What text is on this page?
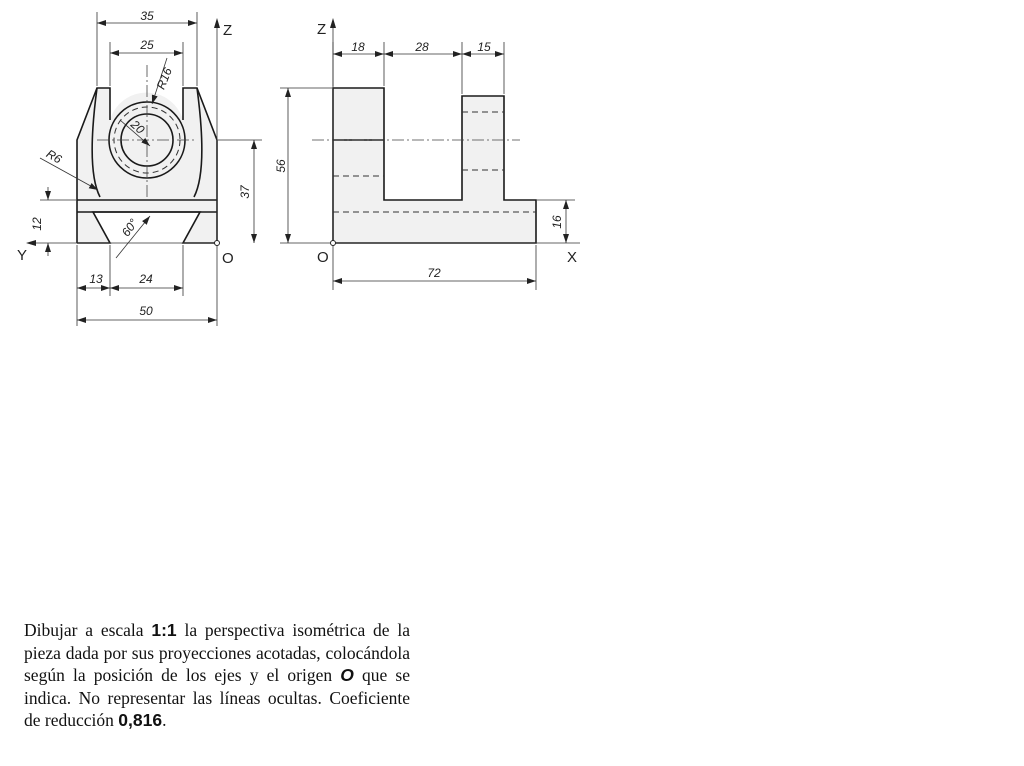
35
25
R16
20
R6
12	60°
37
13	24
50
Z
Y	O
18	28	15
56
16
72
Z
X
O

Dibujar a escala 1:1 la perspectiva isométrica de la pieza dada por sus proyecciones acotadas, colocándola según la posición de los ejes y el origen O que se indica. No representar las líneas ocultas. Coeficiente de reducción 0,816.
